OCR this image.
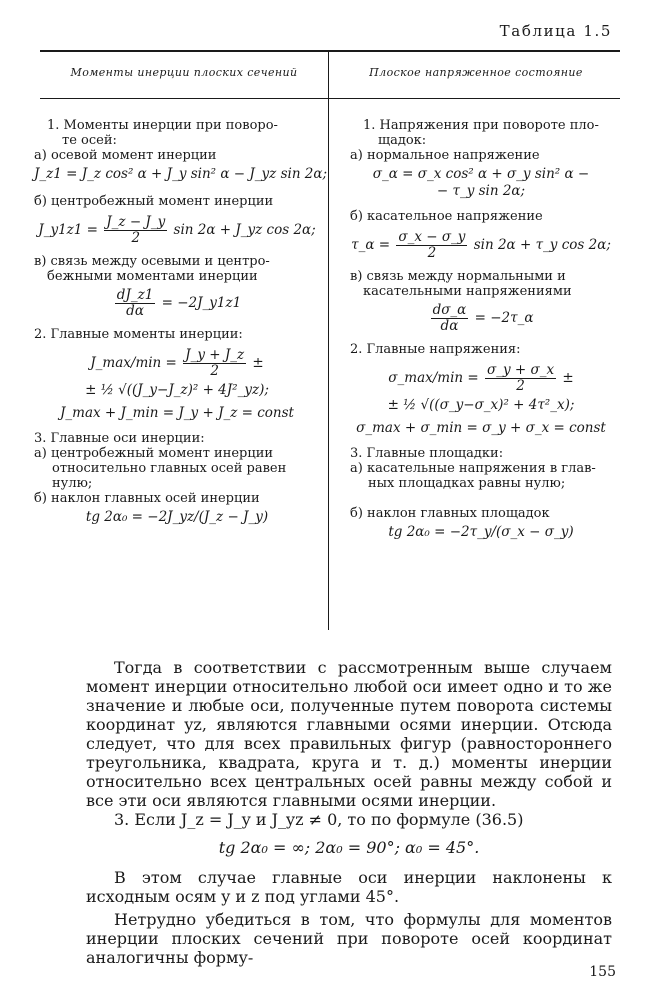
Таблица 1.5
Моменты инерции плоских сечений	Плоское напряженное состояние
1. Моменты инерции при поворо-
те осей:
а) осевой момент инерции
J_z1 = J_z cos² α + J_y sin² α − J_yz sin 2α;
б) центробежный момент инерции
J_y1z1 = $\frac{J\_z - J\_y}{2}$ sin 2α + J_yz cos 2α;
в) связь между осевыми и центро-
бежными моментами инерции
$\frac{dJ\_z1}{d\alpha}$ = −2J_y1z1
2. Главные моменты инерции:
J_max/min = $\frac{J\_y + J\_z}{2}$ ±
± ½ √((J_y−J_z)² + 4J²_yz);
J_max + J_min = J_y + J_z = const
3. Главные оси инерции:
а) центробежный момент инерции
относительно главных осей равен
нулю;
б) наклон главных осей инерции
tg 2α₀ = −2J_yz/(J_z − J_y)
1. Напряжения при повороте пло-
щадок:
а) нормальное напряжение
σ_α = σ_x cos² α + σ_y sin² α −
− τ_y sin 2α;
б) касательное напряжение
τ_α = $\frac{\sigma\_x - \sigma\_y}{2}$ sin 2α + τ_y cos 2α;
в) связь между нормальными и
касательными напряжениями
$\frac{d\sigma\_\alpha}{d\alpha}$ = −2τ_α
2. Главные напряжения:
σ_max/min = $\frac{\sigma\_y + \sigma\_x}{2}$ ±
± ½ √((σ_y−σ_x)² + 4τ²_x);
σ_max + σ_min = σ_y + σ_x = const
3. Главные площадки:
а) касательные напряжения в глав-
ных площадках равны нулю;
б) наклон главных площадок
tg 2α₀ = −2τ_y/(σ_x − σ_y)
Тогда в соответствии с рассмотренным выше случаем момент инерции относительно любой оси имеет одно и то же значение и любые оси, полученные путем поворота системы координат yz, являются главными осями инерции. Отсюда следует, что для всех правильных фигур (равностороннего треугольника, квадрата, круга и т. д.) моменты инерции относительно всех центральных осей равны между собой и все эти оси являются главными осями инерции.
3. Если J_z = J_y и J_yz ≠ 0, то по формуле (36.5)
tg 2α₀ = ∞; 2α₀ = 90°; α₀ = 45°.
В этом случае главные оси инерции наклонены к исходным осям y и z под углами 45°.
Нетрудно убедиться в том, что формулы для моментов инерции плоских сечений при повороте осей координат аналогичны форму-
155
